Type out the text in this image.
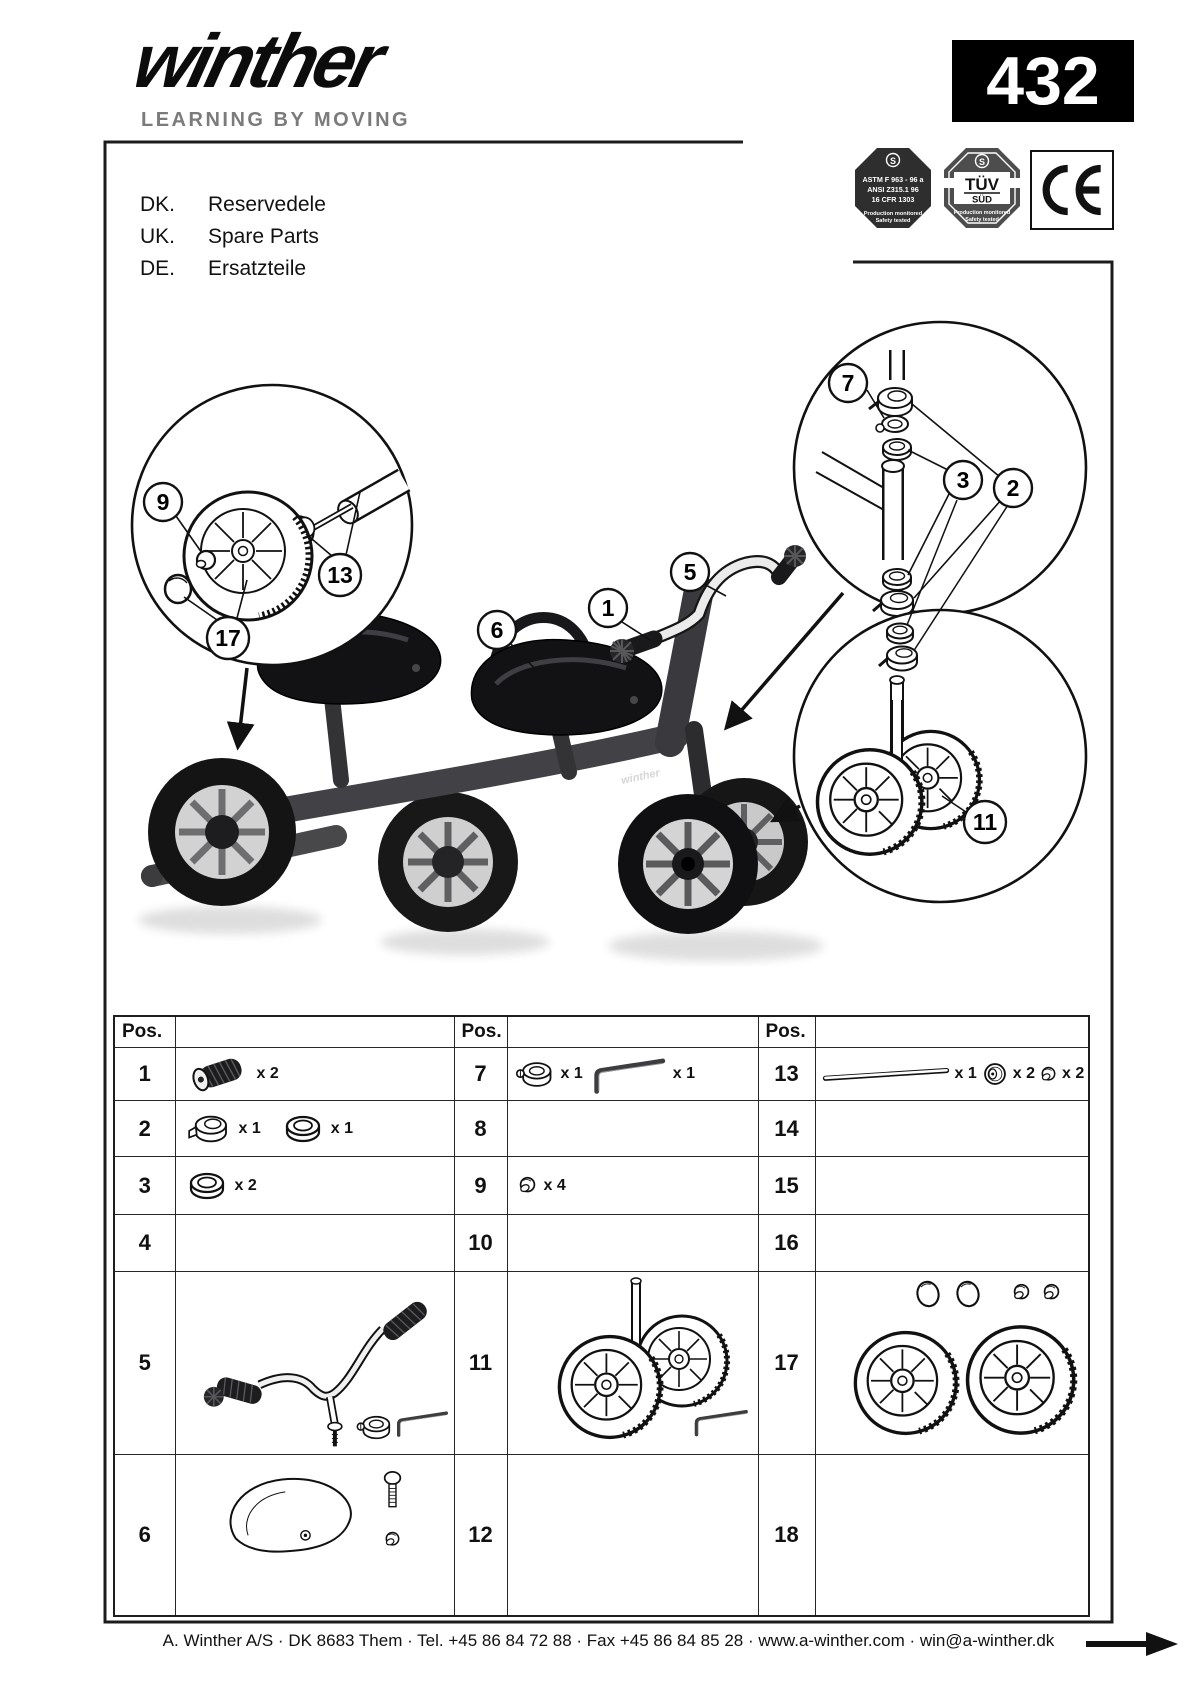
winther
9
13
17
7
3 2
11
1
5
6
winther
LEARNING BY MOVING
432
DK.	Reservedele
UK.	Spare Parts
DE.	Ersatzteile
S
ASTM F 963 - 96 a
ANSI Z315.1 96
16 CFR 1303
Production monitored
Safety tested
S
TÜV
SÜD
Production monitored
Safety tested
Pos.		Pos.		Pos.	
1	x 2	7	x 1 x 1	13	x 1 x 2 x 2

2	x 1 x 1	8		14	
3	x 2	9	x 4	15	
4		10		16	
5		11		17	

6		12		18	
A. Winther A/S · DK 8683 Them · Tel. +45 86 84 72 88 · Fax +45 86 84 85 28 · www.a-winther.com · win@a-winther.dk
